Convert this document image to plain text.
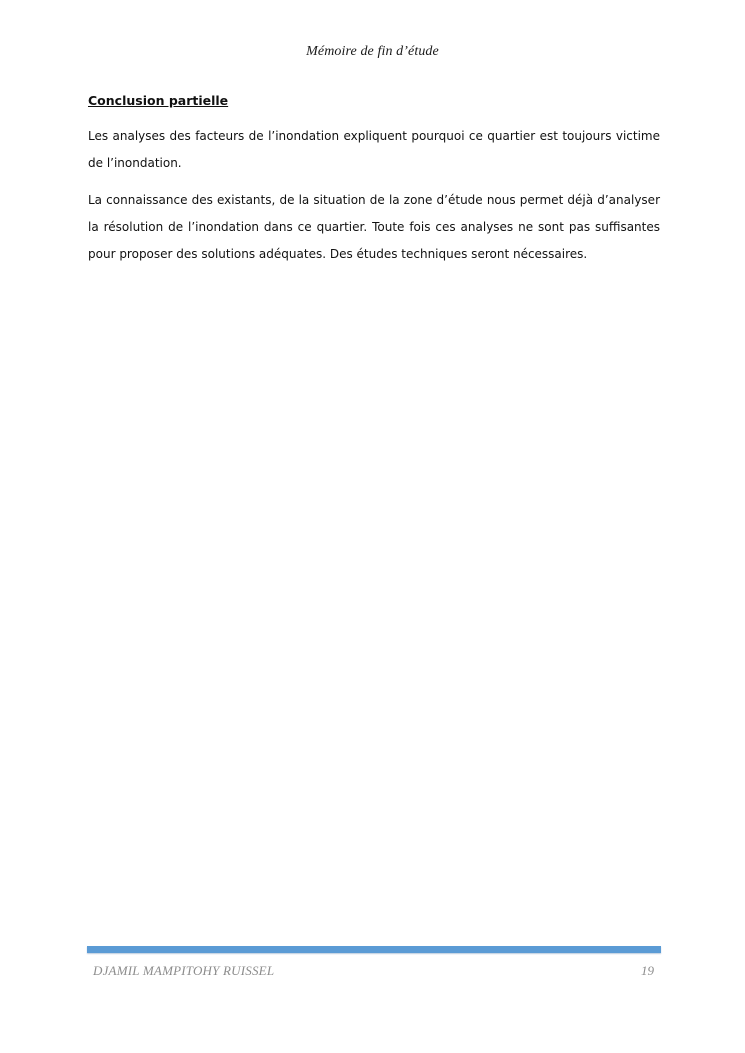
Mémoire de fin d’étude

Conclusion partielle

Les analyses des facteurs de l’inondation expliquent pourquoi ce quartier est toujours victime de l’inondation.

La connaissance des existants, de la situation de la zone d’étude nous permet déjà d’analyser la résolution de l’inondation dans ce quartier. Toute fois ces analyses ne sont pas suffisantes pour proposer des solutions adéquates. Des études techniques seront nécessaires.

DJAMIL MAMPITOHY RUISSEL	19
